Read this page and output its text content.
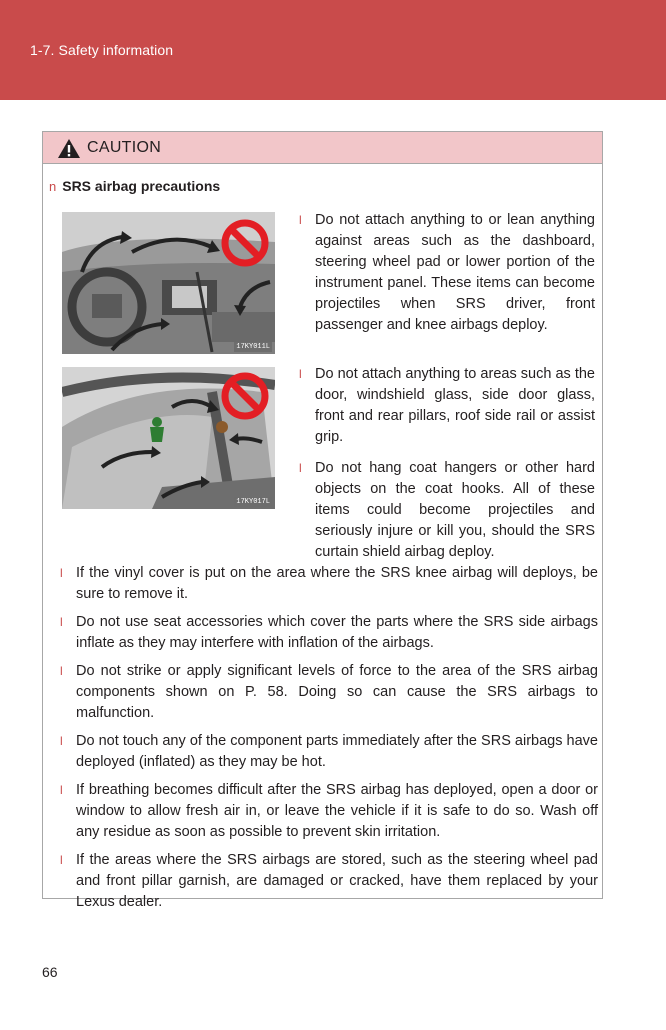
1-7. Safety information
CAUTION
n SRS airbag precautions
17KY011L
l Do not attach anything to or lean anything against areas such as the dashboard, steering wheel pad or lower portion of the instrument panel. These items can become projectiles when SRS driver, front passenger and knee airbags deploy.
17KY017L
l Do not attach anything to areas such as the door, windshield glass, side door glass, front and rear pillars, roof side rail or assist grip.
l Do not hang coat hangers or other hard objects on the coat hooks. All of these items could become projectiles and seriously injure or kill you, should the SRS curtain shield airbag deploy.
l If the vinyl cover is put on the area where the SRS knee airbag will deploys, be sure to remove it.
l Do not use seat accessories which cover the parts where the SRS side airbags inflate as they may interfere with inflation of the airbags.
l Do not strike or apply significant levels of force to the area of the SRS airbag components shown on P. 58. Doing so can cause the SRS airbags to malfunction.
l Do not touch any of the component parts immediately after the SRS airbags have deployed (inflated) as they may be hot.
l If breathing becomes difficult after the SRS airbag has deployed, open a door or window to allow fresh air in, or leave the vehicle if it is safe to do so. Wash off any residue as soon as possible to prevent skin irritation.
l If the areas where the SRS airbags are stored, such as the steering wheel pad and front pillar garnish, are damaged or cracked, have them replaced by your Lexus dealer.
66
